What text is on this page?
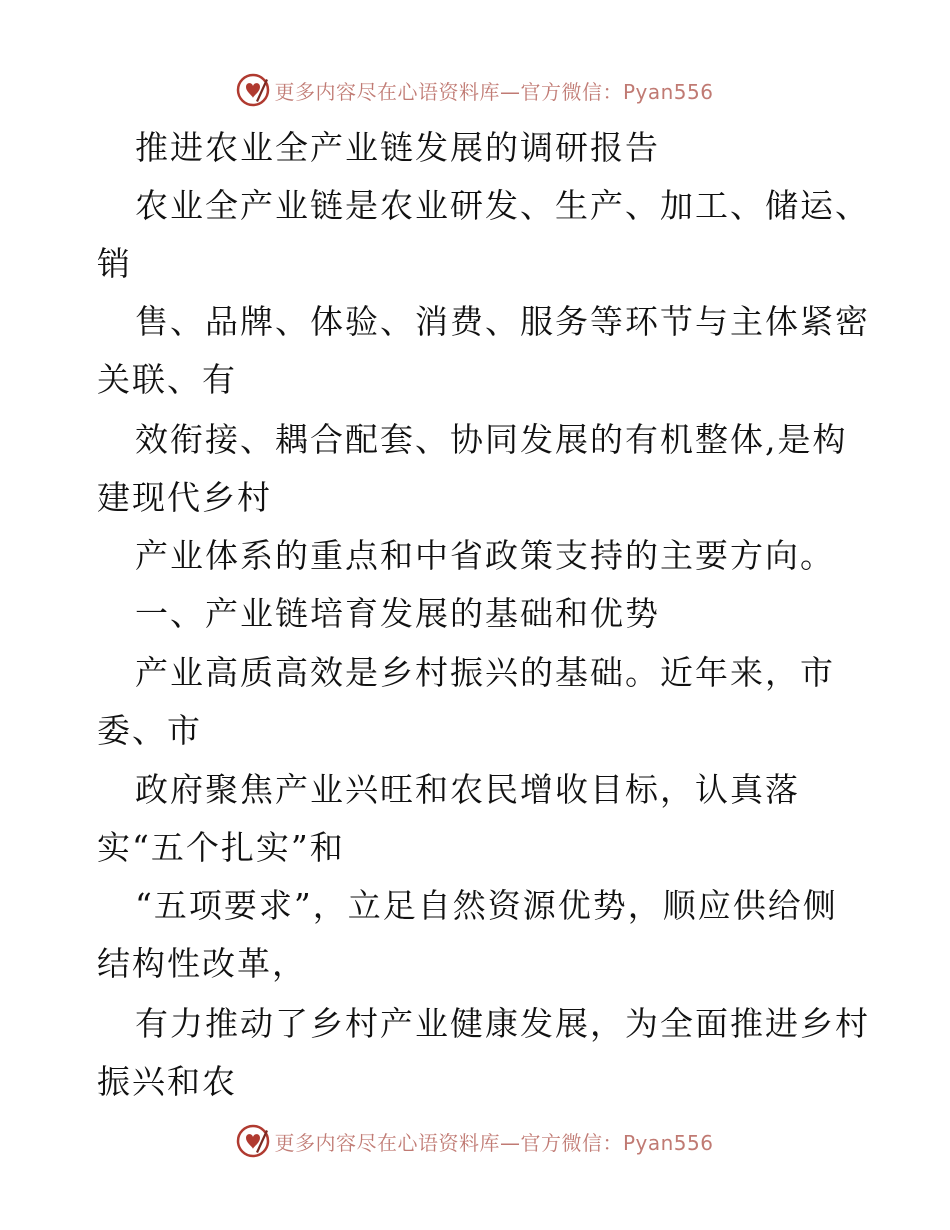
更多内容尽在心语资料库—官方微信：Pyan556
推进农业全产业链发展的调研报告
农业全产业链是农业研发、生产、加工、储运、
销
售、品牌、体验、消费、服务等环节与主体紧密
关联、有
效衔接、耦合配套、协同发展的有机整体,是构
建现代乡村
产业体系的重点和中省政策支持的主要方向。
一、产业链培育发展的基础和优势
产业高质高效是乡村振兴的基础。近年来，市
委、市
政府聚焦产业兴旺和农民增收目标，认真落
实“五个扎实”和
“五项要求”，立足自然资源优势，顺应供给侧
结构性改革，
有力推动了乡村产业健康发展，为全面推进乡村
振兴和农
更多内容尽在心语资料库—官方微信：Pyan556
